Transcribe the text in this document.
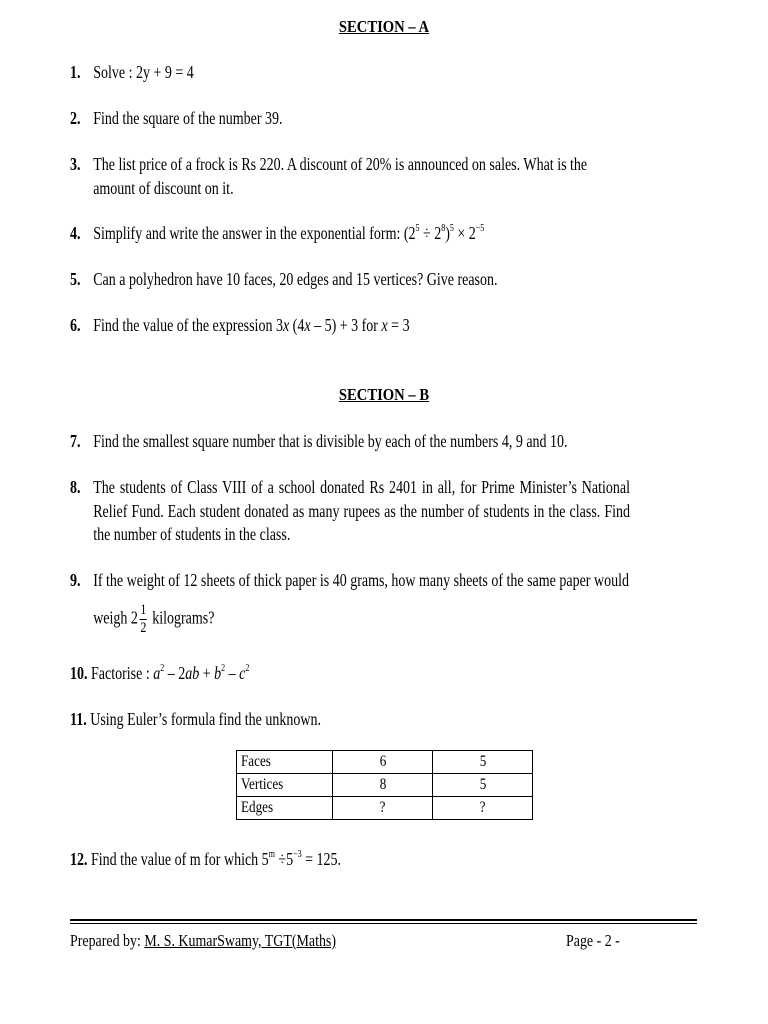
SECTION – A
1. Solve : 2y + 9 = 4
2. Find the square of the number 39.
3. The list price of a frock is Rs 220. A discount of 20% is announced on sales. What is the amount of discount on it.
4. Simplify and write the answer in the exponential form: $(2^5 \div 2^8)^5 \times 2^{-5}$
5. Can a polyhedron have 10 faces, 20 edges and 15 vertices? Give reason.
6. Find the value of the expression 3x (4x – 5) + 3 for x = 3
SECTION – B
7. Find the smallest square number that is divisible by each of the numbers 4, 9 and 10.
8. The students of Class VIII of a school donated Rs 2401 in all, for Prime Minister’s National Relief Fund. Each student donated as many rupees as the number of students in the class. Find the number of students in the class.
9. If the weight of 12 sheets of thick paper is 40 grams, how many sheets of the same paper would
weigh $2 \frac{1}{2}$ kilograms?
10. Factorise : $a^2 - 2ab + b^2 - c^2$
11. Using Euler’s formula find the unknown.
Faces	6	5
Vertices	8	5
Edges	?	?
12. Find the value of m for which $5^m \div 5^{-3} = 125$.
Prepared by: M. S. KumarSwamy, TGT(Maths)	Page - 2 -
